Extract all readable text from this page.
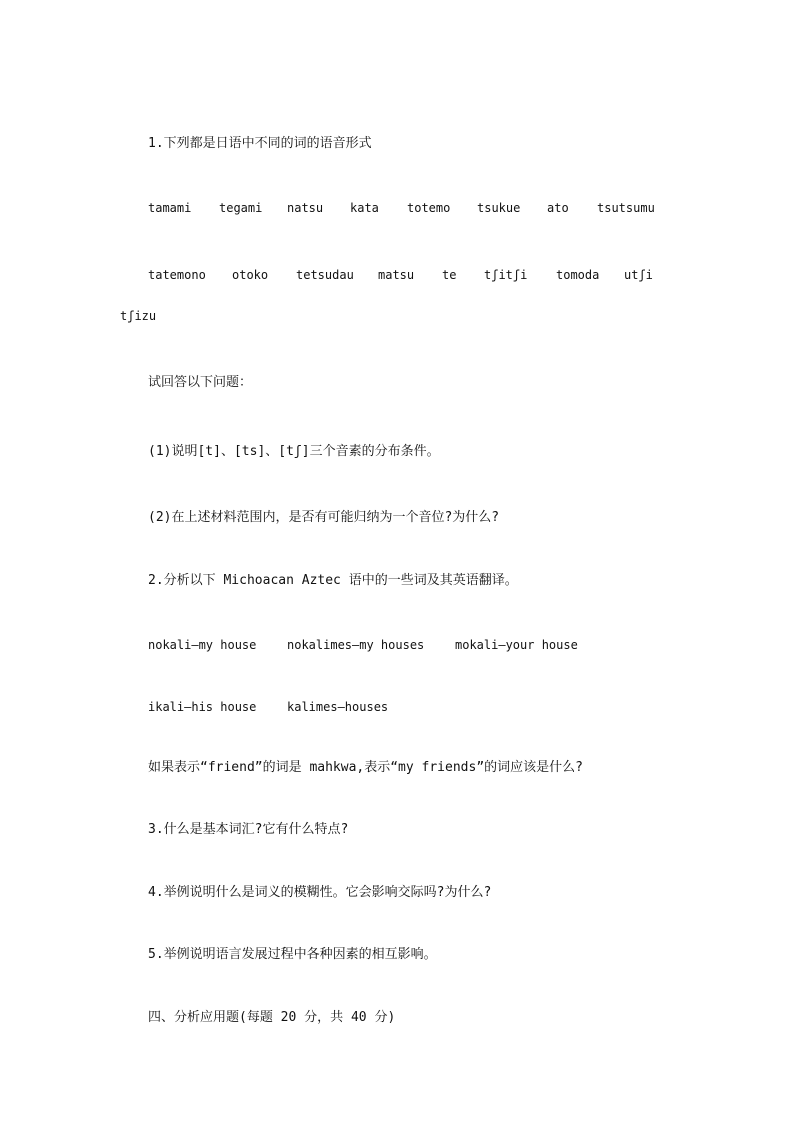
1.下列都是日语中不同的词的语音形式
tamami tegami natsu kata totemo tsukue ato tsutsumu
tatemono otoko tetsudau matsu te tʃitʃi tomoda utʃi
tʃizu
试回答以下问题：
(1)说明[t]、[ts]、[tʃ]三个音素的分布条件。
(2)在上述材料范围内，是否有可能归纳为一个音位?为什么?
2.分析以下 Michoacan Aztec 语中的一些词及其英语翻译。
nokali—my house	nokalimes—my houses	mokali—your house
ikali—his house	kalimes—houses
如果表示“friend”的词是 mahkwa,表示“my friends”的词应该是什么?
3.什么是基本词汇?它有什么特点?
4.举例说明什么是词义的模糊性。它会影响交际吗?为什么?
5.举例说明语言发展过程中各种因素的相互影响。
四、分析应用题(每题 20 分，共 40 分)
